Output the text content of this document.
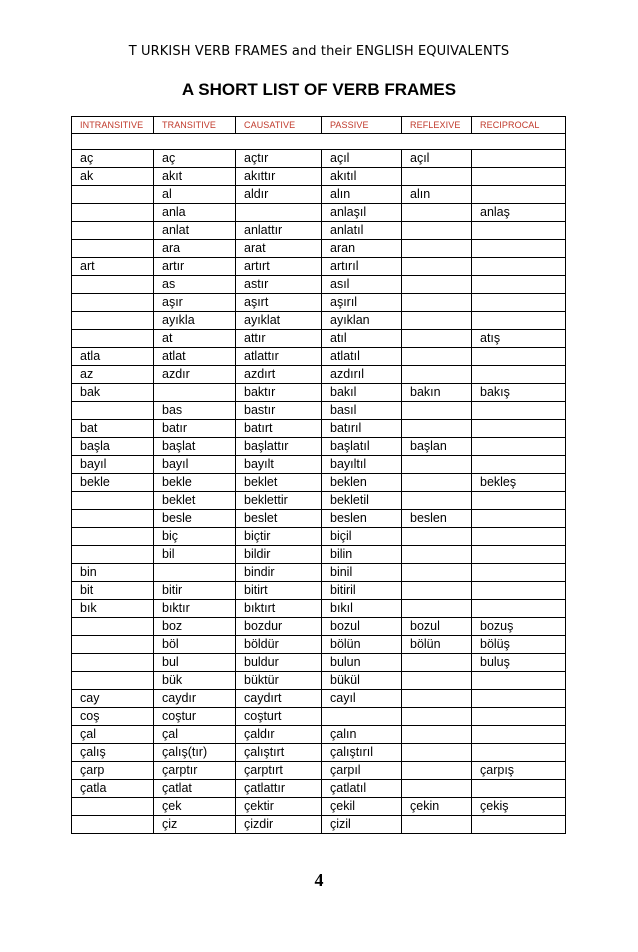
T URKISH VERB FRAMES and their ENGLISH EQUIVALENTS
A SHORT LIST OF VERB FRAMES
INTRANSITIVE	TRANSITIVE	CAUSATIVE	PASSIVE	REFLEXIVE	RECIPROCAL

aç	aç	açtır	açıl	açıl	
ak	akıt	akıttır	akıtıl		
	al	aldır	alın	alın	
	anla		anlaşıl		anlaş
	anlat	anlattır	anlatıl		
	ara	arat	aran		
art	artır	artırt	artırıl		
	as	astır	asıl		
	aşır	aşırt	aşırıl		
	ayıkla	ayıklat	ayıklan		
	at	attır	atıl		atış
atla	atlat	atlattır	atlatıl		
az	azdır	azdırt	azdırıl		
bak		baktır	bakıl	bakın	bakış
	bas	bastır	basıl		
bat	batır	batırt	batırıl		
başla	başlat	başlattır	başlatıl	başlan	
bayıl	bayıl	bayılt	bayıltıl		
bekle	bekle	beklet	beklen		bekleş
	beklet	beklettir	bekletil		
	besle	beslet	beslen	beslen	
	biç	biçtir	biçil		
	bil	bildir	bilin		
bin		bindir	binil		
bit	bitir	bitirt	bitiril		
bık	bıktır	bıktırt	bıkıl		
	boz	bozdur	bozul	bozul	bozuş
	böl	böldür	bölün	bölün	bölüş
	bul	buldur	bulun		buluş
	bük	büktür	bükül		
cay	caydır	caydırt	cayıl		
coş	coştur	coşturt			
çal	çal	çaldır	çalın		
çalış	çalış(tır)	çalıştırt	çalıştırıl		
çarp	çarptır	çarptırt	çarpıl		çarpış
çatla	çatlat	çatlattır	çatlatıl		
	çek	çektir	çekil	çekin	çekiş
	çiz	çizdir	çizil		
4
